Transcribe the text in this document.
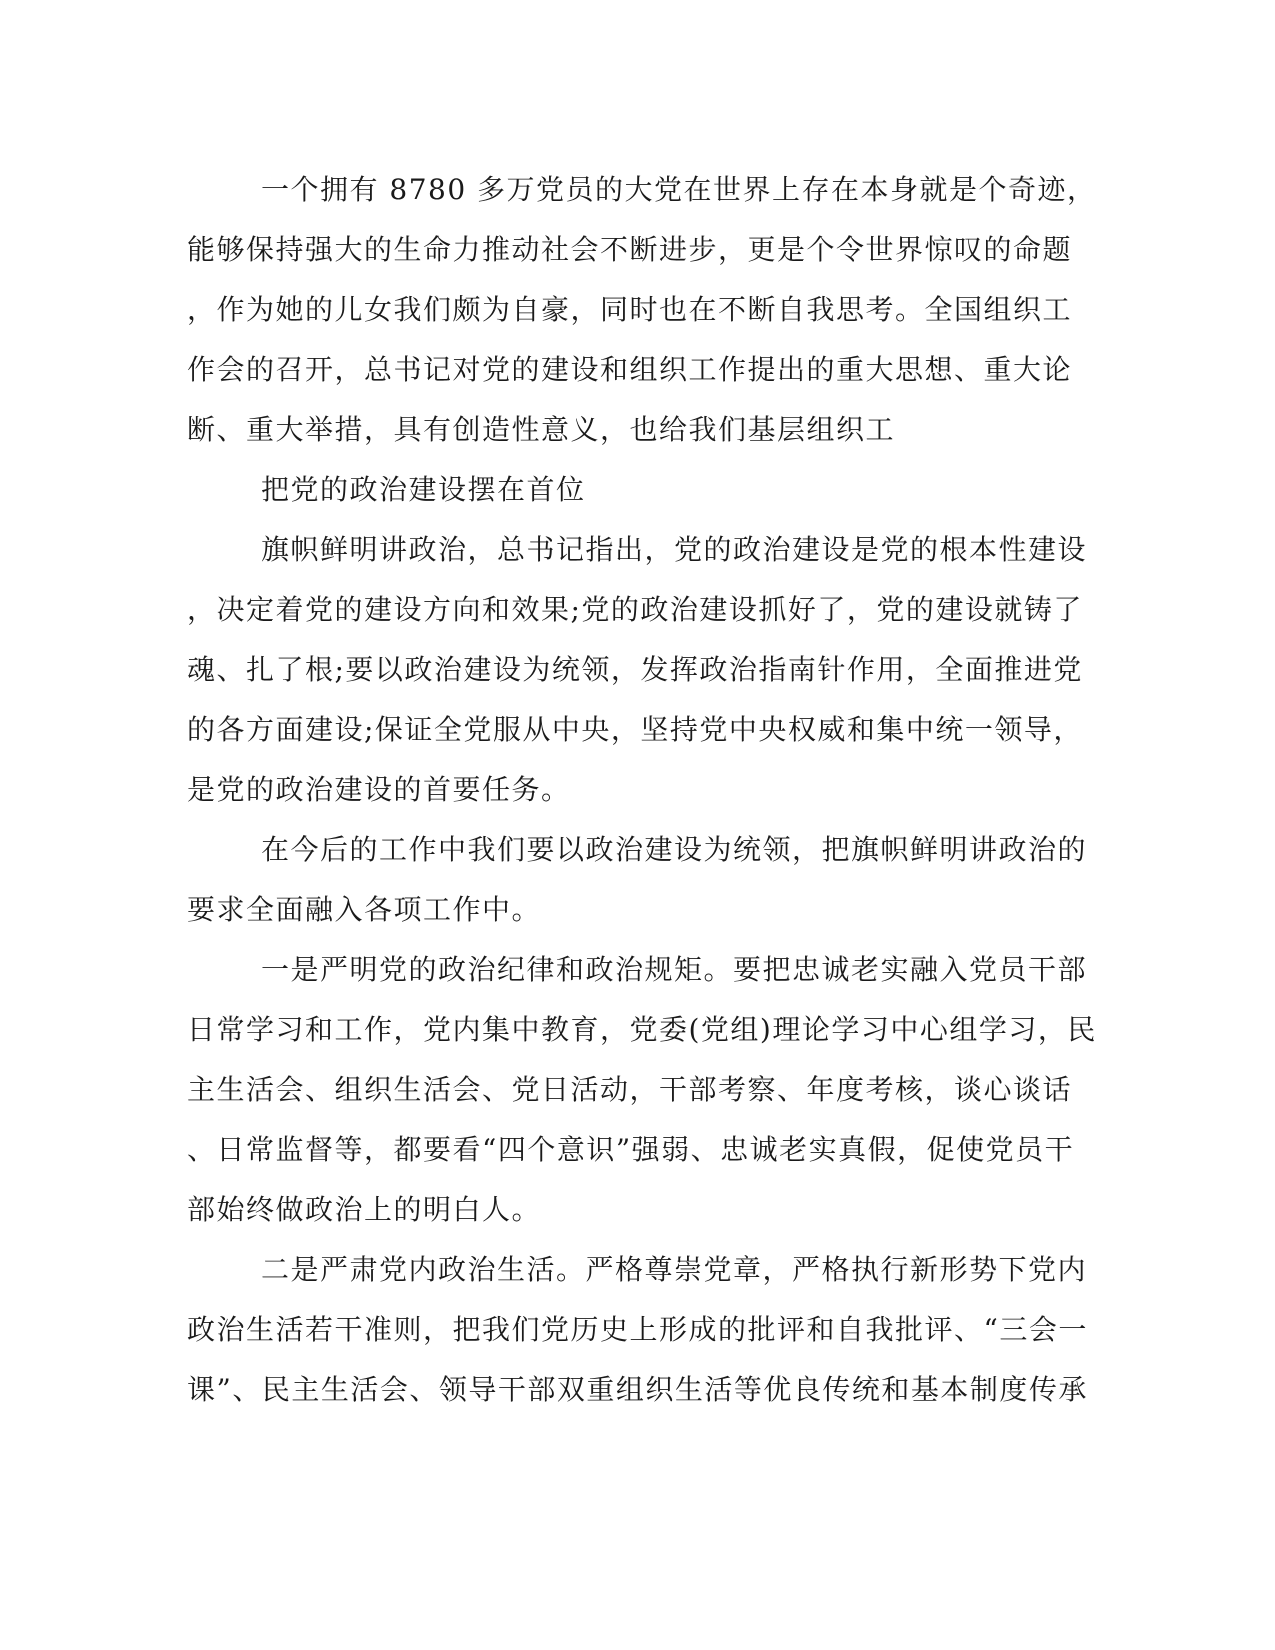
一个拥有 8780 多万党员的大党在世界上存在本身就是个奇迹，
能够保持强大的生命力推动社会不断进步，更是个令世界惊叹的命题
，作为她的儿女我们颇为自豪，同时也在不断自我思考。全国组织工
作会的召开，总书记对党的建设和组织工作提出的重大思想、重大论
断、重大举措，具有创造性意义，也给我们基层组织工
把党的政治建设摆在首位
旗帜鲜明讲政治，总书记指出，党的政治建设是党的根本性建设
，决定着党的建设方向和效果;党的政治建设抓好了，党的建设就铸了
魂、扎了根;要以政治建设为统领，发挥政治指南针作用，全面推进党
的各方面建设;保证全党服从中央，坚持党中央权威和集中统一领导，
是党的政治建设的首要任务。
在今后的工作中我们要以政治建设为统领，把旗帜鲜明讲政治的
要求全面融入各项工作中。
一是严明党的政治纪律和政治规矩。要把忠诚老实融入党员干部
日常学习和工作，党内集中教育，党委(党组)理论学习中心组学习，民
主生活会、组织生活会、党日活动，干部考察、年度考核，谈心谈话
、日常监督等，都要看“四个意识”强弱、忠诚老实真假，促使党员干
部始终做政治上的明白人。
二是严肃党内政治生活。严格尊崇党章，严格执行新形势下党内
政治生活若干准则，把我们党历史上形成的批评和自我批评、“三会一
课”、民主生活会、领导干部双重组织生活等优良传统和基本制度传承
